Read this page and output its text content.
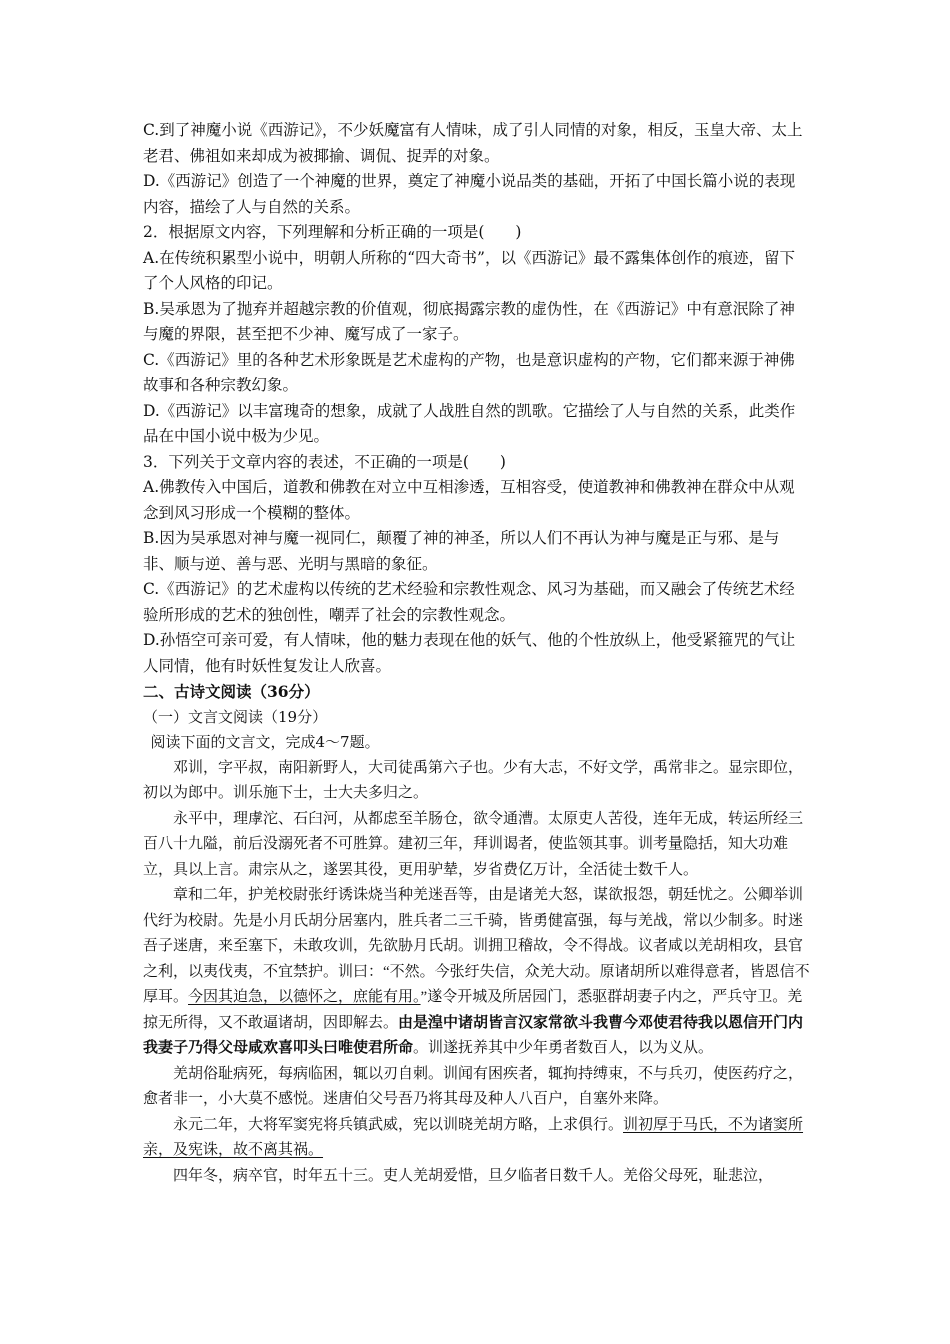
C.到了神魔小说《西游记》，不少妖魔富有人情味，成了引人同情的对象，相反，玉皇大帝、太上老君、佛祖如来却成为被揶揄、调侃、捉弄的对象。

D.《西游记》创造了一个神魔的世界，奠定了神魔小说品类的基础，开拓了中国长篇小说的表现内容，描绘了人与自然的关系。

2．根据原文内容，下列理解和分析正确的一项是(　　)

A.在传统积累型小说中，明朝人所称的“四大奇书”，以《西游记》最不露集体创作的痕迹，留下了个人风格的印记。

B.吴承恩为了抛弃并超越宗教的价值观，彻底揭露宗教的虚伪性，在《西游记》中有意泯除了神与魔的界限，甚至把不少神、魔写成了一家子。

C.《西游记》里的各种艺术形象既是艺术虚构的产物，也是意识虚构的产物，它们都来源于神佛故事和各种宗教幻象。

D.《西游记》以丰富瑰奇的想象，成就了人战胜自然的凯歌。它描绘了人与自然的关系，此类作品在中国小说中极为少见。

3．下列关于文章内容的表述，不正确的一项是(　　)

A.佛教传入中国后，道教和佛教在对立中互相渗透，互相容受，使道教神和佛教神在群众中从观念到风习形成一个模糊的整体。

B.因为吴承恩对神与魔一视同仁，颠覆了神的神圣，所以人们不再认为神与魔是正与邪、是与非、顺与逆、善与恶、光明与黑暗的象征。

C.《西游记》的艺术虚构以传统的艺术经验和宗教性观念、风习为基础，而又融会了传统艺术经验所形成的艺术的独创性，嘲弄了社会的宗教性观念。

D.孙悟空可亲可爱，有人情味，他的魅力表现在他的妖气、他的个性放纵上，他受紧箍咒的气让人同情，他有时妖性复发让人欣喜。

二、古诗文阅读（36分）

（一）文言文阅读（19分）

阅读下面的文言文，完成4～7题。

邓训，字平叔，南阳新野人，大司徒禹第六子也。少有大志，不好文学，禹常非之。显宗即位，初以为郎中。训乐施下士，士大夫多归之。

永平中，理虖沱、石臼河，从都虑至羊肠仓，欲令通漕。太原吏人苦役，连年无成，转运所经三百八十九隘，前后没溺死者不可胜算。建初三年，拜训谒者，使监领其事。训考量隐括，知大功难立，具以上言。肃宗从之，遂罢其役，更用驴辇，岁省费亿万计，全活徒士数千人。

章和二年，护羌校尉张纡诱诛烧当种羌迷吾等，由是诸羌大怒，谋欲报怨，朝廷忧之。公卿举训代纡为校尉。先是小月氏胡分居塞内，胜兵者二三千骑，皆勇健富强，每与羌战，常以少制多。时迷吾子迷唐，来至塞下，未敢攻训，先欲胁月氏胡。训拥卫稽故，令不得战。议者咸以羌胡相攻，县官之利，以夷伐夷，不宜禁护。训曰：“不然。今张纡失信，众羌大动。原诸胡所以难得意者，皆恩信不厚耳。今因其迫急，以德怀之，庶能有用。”遂令开城及所居园门，悉驱群胡妻子内之，严兵守卫。羌掠无所得，又不敢逼诸胡，因即解去。由是湟中诸胡皆言汉家常欲斗我曹今邓使君待我以恩信开门内我妻子乃得父母咸欢喜叩头曰唯使君所命。训遂抚养其中少年勇者数百人，以为义从。

羌胡俗耻病死，每病临困，辄以刃自刺。训闻有困疾者，辄拘持缚束，不与兵刃，使医药疗之，愈者非一，小大莫不感悦。迷唐伯父号吾乃将其母及种人八百户，自塞外来降。

永元二年，大将军窦宪将兵镇武威，宪以训晓羌胡方略，上求俱行。训初厚于马氏，不为诸窦所亲，及宪诛，故不离其祸。

四年冬，病卒官，时年五十三。吏人羌胡爱惜，旦夕临者日数千人。羌俗父母死，耻悲泣，
